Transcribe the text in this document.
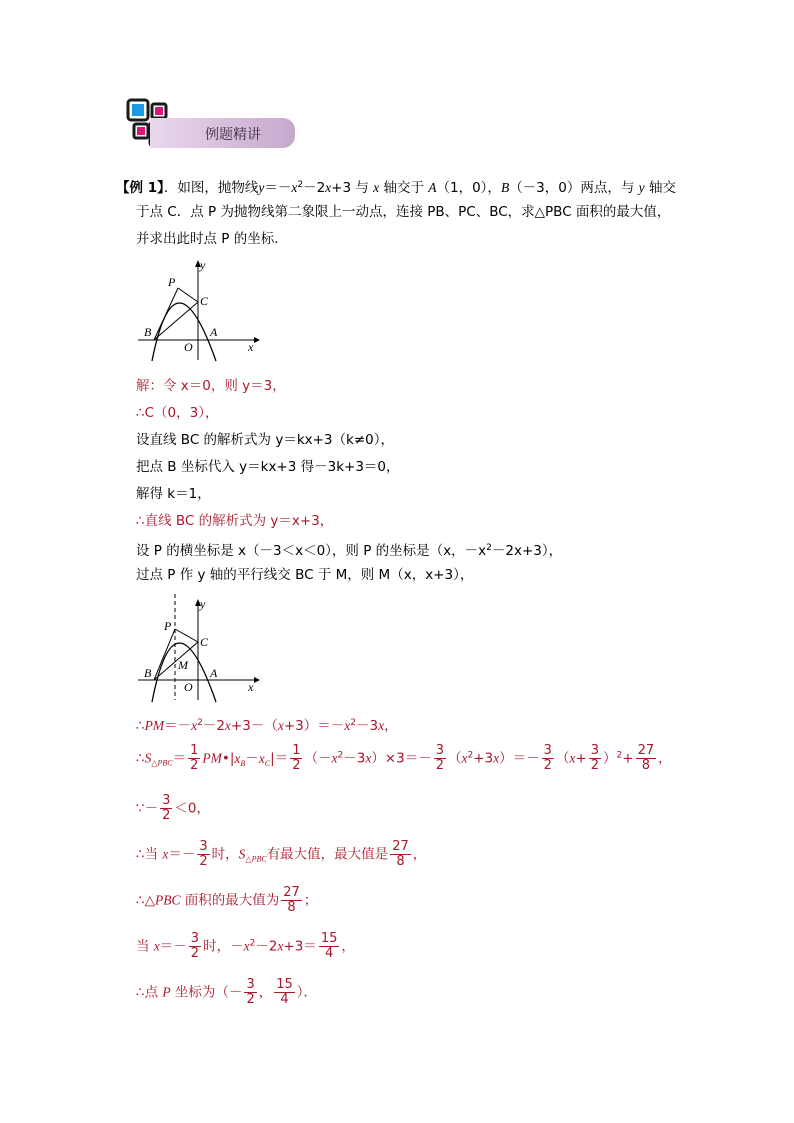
例题精讲
【例 1】．如图，抛物线$y=-x^2-2x+3$ 与 x 轴交于 A（1，0），B（－3，0）两点，与 y 轴交
于点 C．点 P 为抛物线第二象限上一动点，连接 PB、PC、BC，求△PBC 面积的最大值，
并求出此时点 P 的坐标．
y
x
P
C
B	A
O
解：令 x＝0，则 y＝3，
∴C（0，3），
设直线 BC 的解析式为 y＝kx+3（k≠0），
把点 B 坐标代入 y＝kx+3 得－3k+3＝0，
解得 k＝1，
∴直线 BC 的解析式为 y＝x+3，
设 P 的横坐标是 x（－3＜x＜0），则 P 的坐标是（x，$-x^2-2x+3$），
过点 P 作 y 轴的平行线交 BC 于 M，则 M（x，x+3），
y
x
P
C
M
B	A
O
$\therefore PM=-x^2-2x+3-(x+3)=-x^2-3x$，
$\therefore S_{\triangle PBC}= \frac{1}{2}$ $PM•|x_B-x_C|= \frac{1}{2} (-x^2-3x)\times 3=- \frac{3}{2} (x^2+3x)=- \frac{3}{2} (x+ \frac{3}{2} )^2+ \frac{27}{8}$ ，
∵－ $\frac{3}{2} <0$，
∴当 $x=- \frac{3}{2}$ 时，$S_{\triangle PBC}$有最大值，最大值是 $\frac{27}{8}$ ，
∴△PBC 面积的最大值为 $\frac{27}{8}$ ；
当 $x=- \frac{3}{2}$ 时，$-x^2-2x+3= \frac{15}{4}$ ，
∴点 P 坐标为（－ $\frac{3}{2}$ ， $\frac{15}{4}$ ）．
